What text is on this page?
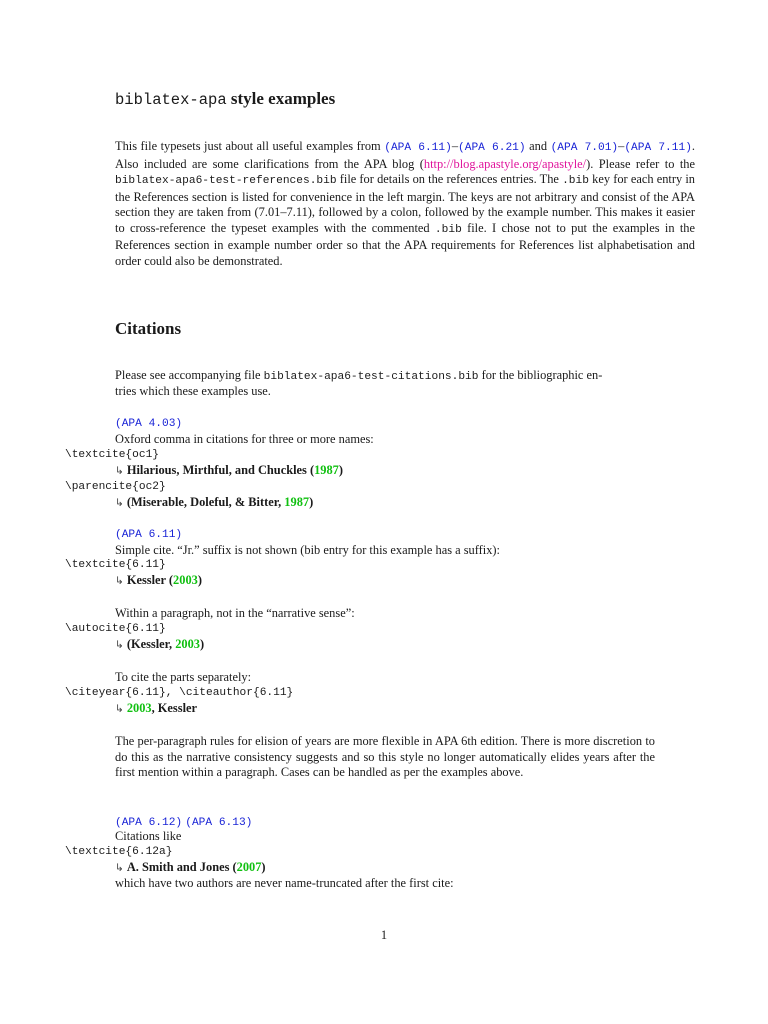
biblatex-apa style examples
This file typesets just about all useful examples from (APA 6.11)–(APA 6.21) and (APA 7.01)–(APA 7.11). Also included are some clarifications from the APA blog (http://blog.apastyle.org/apastyle/). Please refer to the biblatex-apa6-test-references.bib file for details on the references entries. The .bib key for each entry in the References section is listed for convenience in the left margin. The keys are not arbitrary and consist of the APA section they are taken from (7.01–7.11), followed by a colon, followed by the example number. This makes it easier to cross-reference the typeset examples with the commented .bib file. I chose not to put the examples in the References section in example number order so that the APA requirements for References list alphabetisation and order could also be demonstrated.
Citations
Please see accompanying file biblatex-apa6-test-citations.bib for the bibliographic en-
tries which these examples use.
(APA 4.03)
Oxford comma in citations for three or more names:
\textcite{oc1}
↳ Hilarious, Mirthful, and Chuckles (1987)
\parencite{oc2}
↳ (Miserable, Doleful, & Bitter, 1987)
(APA 6.11)
Simple cite. “Jr.” suffix is not shown (bib entry for this example has a suffix):
\textcite{6.11}
↳ Kessler (2003)
Within a paragraph, not in the “narrative sense”:
\autocite{6.11}
↳ (Kessler, 2003)
To cite the parts separately:
\citeyear{6.11}, \citeauthor{6.11}
↳ 2003, Kessler
The per-paragraph rules for elision of years are more flexible in APA 6th edition. There is more discretion to do this as the narrative consistency suggests and so this style no longer automatically elides years after the first mention within a paragraph. Cases can be handled as per the examples above.
(APA 6.12) (APA 6.13)
Citations like
\textcite{6.12a}
↳ A. Smith and Jones (2007)
which have two authors are never name-truncated after the first cite:
1
